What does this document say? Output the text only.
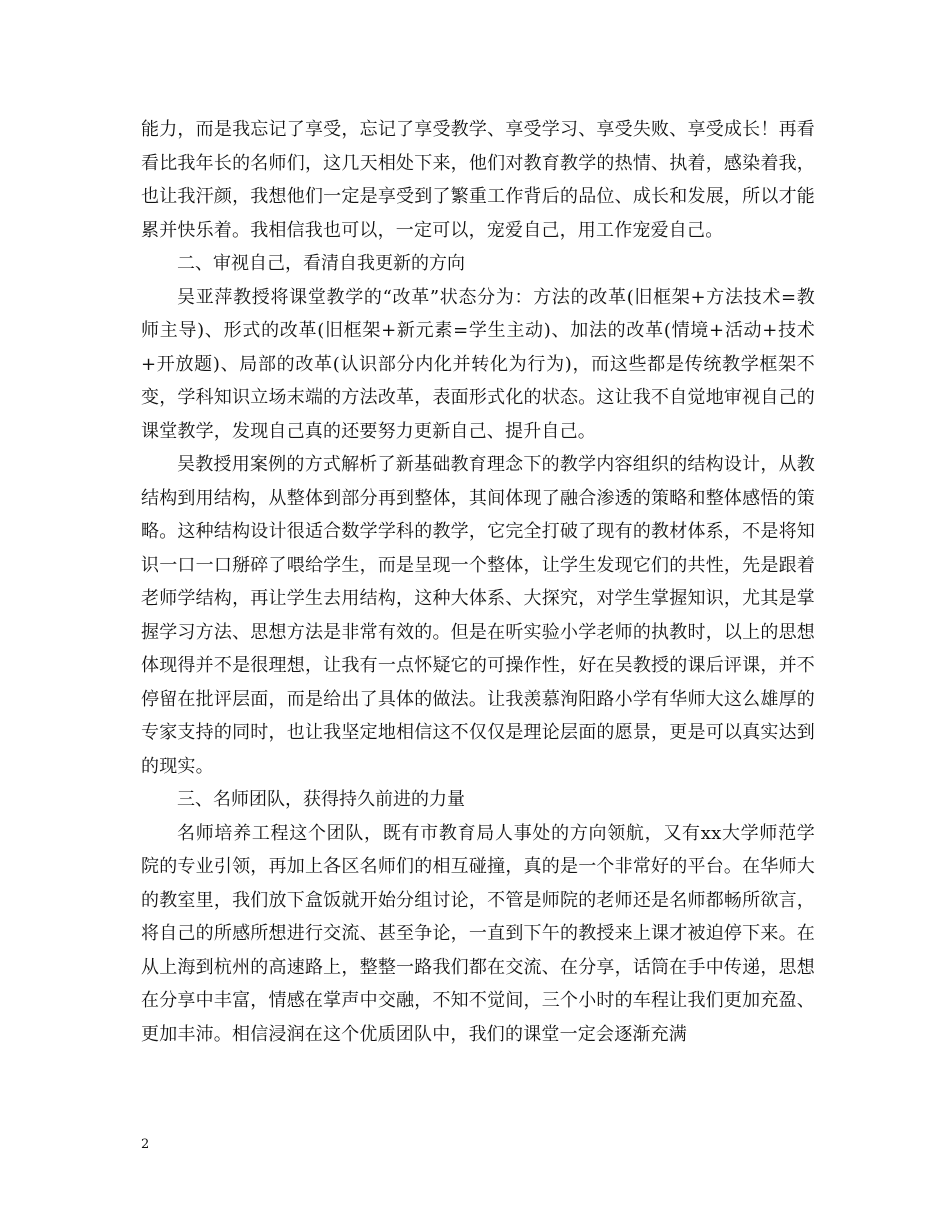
能力，而是我忘记了享受，忘记了享受教学、享受学习、享受失败、享受成长！再看看比我年长的名师们，这几天相处下来，他们对教育教学的热情、执着，感染着我，也让我汗颜，我想他们一定是享受到了繁重工作背后的品位、成长和发展，所以才能累并快乐着。我相信我也可以，一定可以，宠爱自己，用工作宠爱自己。

二、审视自己，看清自我更新的方向

吴亚萍教授将课堂教学的“改革”状态分为：方法的改革(旧框架+方法技术=教师主导)、形式的改革(旧框架+新元素=学生主动)、加法的改革(情境+活动+技术+开放题)、局部的改革(认识部分内化并转化为行为)，而这些都是传统教学框架不变，学科知识立场末端的方法改革，表面形式化的状态。这让我不自觉地审视自己的课堂教学，发现自己真的还要努力更新自己、提升自己。

吴教授用案例的方式解析了新基础教育理念下的教学内容组织的结构设计，从教结构到用结构，从整体到部分再到整体，其间体现了融合渗透的策略和整体感悟的策略。这种结构设计很适合数学学科的教学，它完全打破了现有的教材体系，不是将知识一口一口掰碎了喂给学生，而是呈现一个整体，让学生发现它们的共性，先是跟着老师学结构，再让学生去用结构，这种大体系、大探究，对学生掌握知识，尤其是掌握学习方法、思想方法是非常有效的。但是在听实验小学老师的执教时，以上的思想体现得并不是很理想，让我有一点怀疑它的可操作性，好在吴教授的课后评课，并不停留在批评层面，而是给出了具体的做法。让我羡慕洵阳路小学有华师大这么雄厚的专家支持的同时，也让我坚定地相信这不仅仅是理论层面的愿景，更是可以真实达到的现实。

三、名师团队，获得持久前进的力量

名师培养工程这个团队，既有市教育局人事处的方向领航，又有xx大学师范学院的专业引领，再加上各区名师们的相互碰撞，真的是一个非常好的平台。在华师大的教室里，我们放下盒饭就开始分组讨论，不管是师院的老师还是名师都畅所欲言，将自己的所感所想进行交流、甚至争论，一直到下午的教授来上课才被迫停下来。在从上海到杭州的高速路上，整整一路我们都在交流、在分享，话筒在手中传递，思想在分享中丰富，情感在掌声中交融，不知不觉间，三个小时的车程让我们更加充盈、更加丰沛。相信浸润在这个优质团队中，我们的课堂一定会逐渐充满

2
